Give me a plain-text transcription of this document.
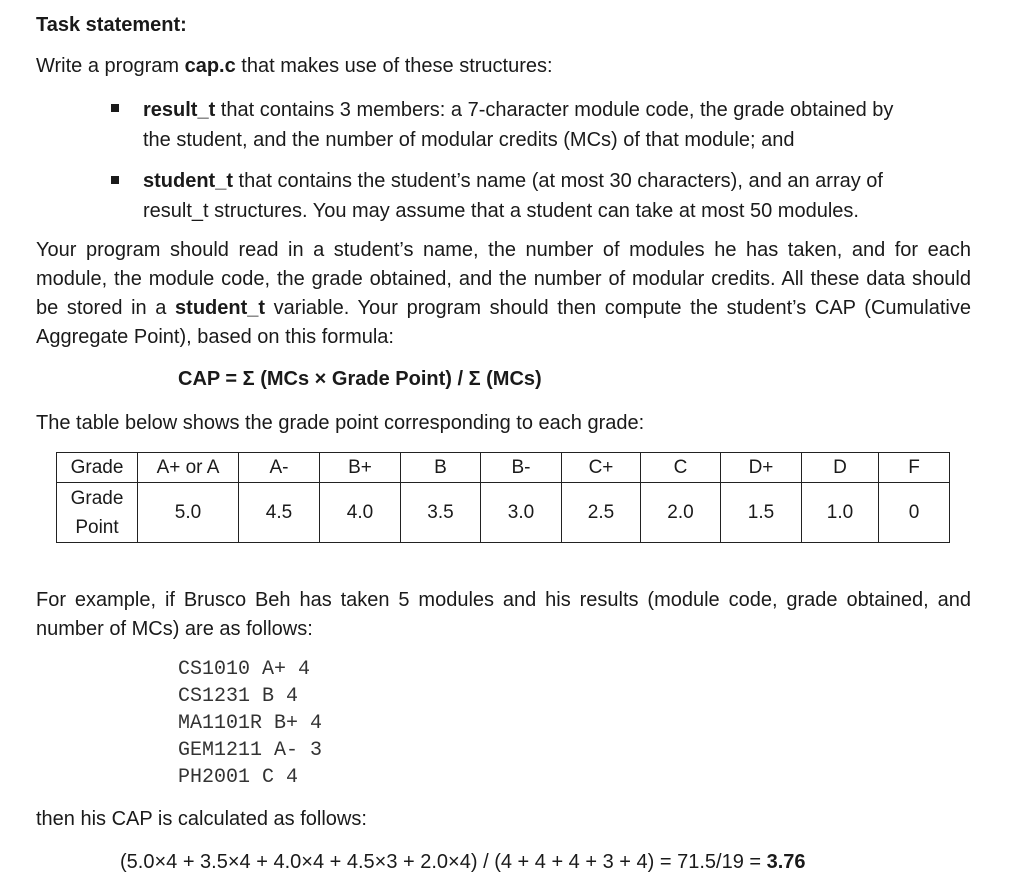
Task statement:
Write a program cap.c that makes use of these structures:
result_t that contains 3 members: a 7-character module code, the grade obtained by
the student, and the number of modular credits (MCs) of that module; and
student_t that contains the student’s name (at most 30 characters), and an array of
result_t structures. You may assume that a student can take at most 50 modules.
Your program should read in a student’s name, the number of modules he has taken, and for each module, the module code, the grade obtained, and the number of modular credits. All these data should be stored in a student_t variable. Your program should then compute the student’s CAP (Cumulative Aggregate Point), based on this formula:
CAP = Σ (MCs × Grade Point) / Σ (MCs)
The table below shows the grade point corresponding to each grade:
Grade	A+ or A	A-	B+	B	B-	C+	C	D+	D	F
Grade
Point	5.0	4.5	4.0	3.5	3.0	2.5	2.0	1.5	1.0	0
For example, if Brusco Beh has taken 5 modules and his results (module code, grade obtained, and number of MCs) are as follows:
CS1010 A+ 4
CS1231 B 4
MA1101R B+ 4
GEM1211 A- 3
PH2001 C 4
then his CAP is calculated as follows:
(5.0×4 + 3.5×4 + 4.0×4 + 4.5×3 + 2.0×4) / (4 + 4 + 4 + 3 + 4) = 71.5/19 = 3.76
